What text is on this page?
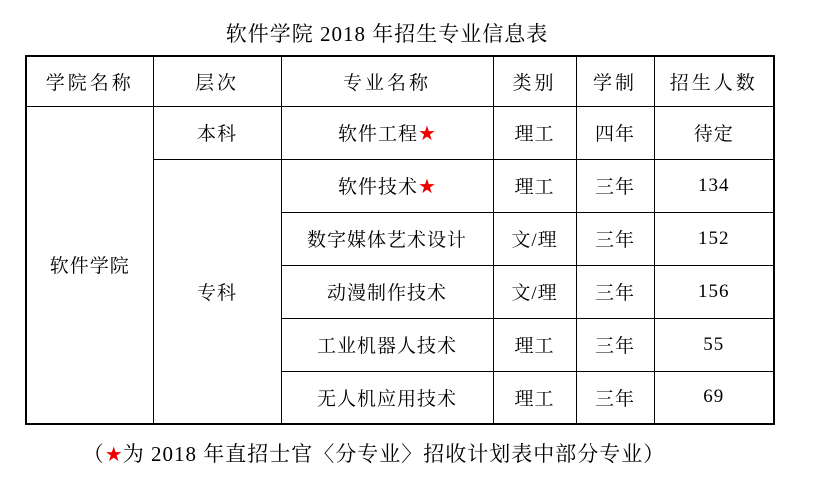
软件学院 2018 年招生专业信息表
学院名称	层次	专业名称	类别	学制	招生人数
软件学院	本科	软件工程★	理工	四年	待定
	专科	软件技术★	理工	三年	134
		数字媒体艺术设计	文/理	三年	152
		动漫制作技术	文/理	三年	156
		工业机器人技术	理工	三年	55
		无人机应用技术	理工	三年	69

（★为 2018 年直招士官〈分专业〉招收计划表中部分专业）
